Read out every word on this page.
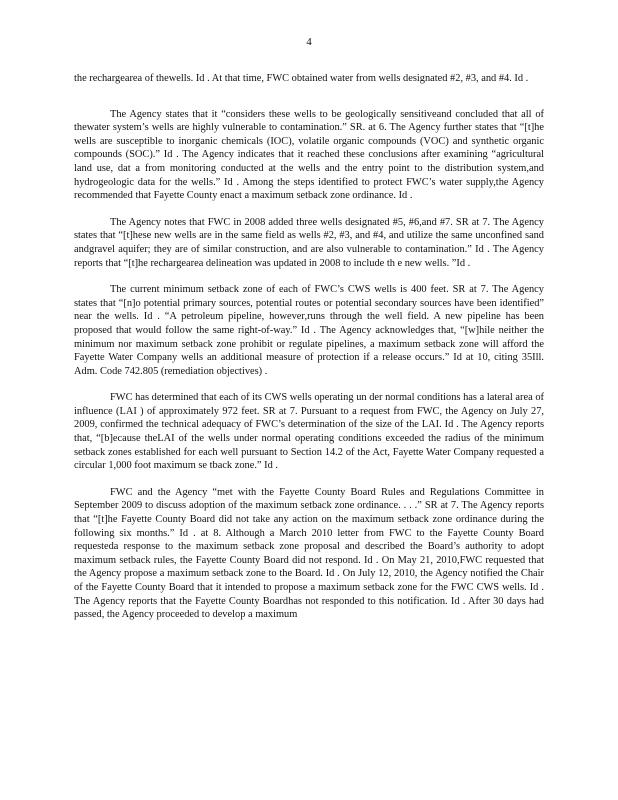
4

the rechargearea of thewells. Id . At that time, FWC obtained water from wells designated #2, #3, and #4. Id .

The Agency states that it “considers these wells to be geologically sensitiveand concluded that all of thewater system’s wells are highly vulnerable to contamination.” SR. at 6. The Agency further states that “[t]he wells are susceptible to inorganic chemicals (IOC), volatile organic compounds (VOC) and synthetic organic compounds (SOC).” Id . The Agency indicates that it reached these conclusions after examining “agricultural land use, dat a from monitoring conducted at the wells and the entry point to the distribution system,and hydrogeologic data for the wells.” Id . Among the steps identified to protect FWC’s water supply,the Agency recommended that Fayette County enact a maximum setback zone ordinance. Id .

The Agency notes that FWC in 2008 added three wells designated #5, #6,and #7. SR at 7. The Agency states that “[t]hese new wells are in the same field as wells #2, #3, and #4, and utilize the same unconfined sand andgravel aquifer; they are of similar construction, and are also vulnerable to contamination.” Id . The Agency reports that “[t]he rechargearea delineation was updated in 2008 to include th e new wells. ”Id .

The current minimum setback zone of each of FWC’s CWS wells is 400 feet. SR at 7. The Agency states that “[n]o potential primary sources, potential routes or potential secondary sources have been identified” near the wells. Id . “A petroleum pipeline, however,runs through the well field. A new pipeline has been proposed that would follow the same right-of-way.” Id . The Agency acknowledges that, “[w]hile neither the minimum nor maximum setback zone prohibit or regulate pipelines, a maximum setback zone will afford the Fayette Water Company wells an additional measure of protection if a release occurs.” Id at 10, citing 35Ill. Adm. Code 742.805 (remediation objectives) .

FWC has determined that each of its CWS wells operating un der normal conditions has a lateral area of influence (LAI ) of approximately 972 feet. SR at 7. Pursuant to a request from FWC, the Agency on July 27, 2009, confirmed the technical adequacy of FWC’s determination of the size of the LAI. Id . The Agency reports that, “[b]ecause theLAI of the wells under normal operating conditions exceeded the radius of the minimum setback zones established for each well pursuant to Section 14.2 of the Act, Fayette Water Company requested a circular 1,000 foot maximum se tback zone.” Id .

FWC and the Agency “met with the Fayette County Board Rules and Regulations Committee in September 2009 to discuss adoption of the maximum setback zone ordinance. . . .” SR at 7. The Agency reports that “[t]he Fayette County Board did not take any action on the maximum setback zone ordinance during the following six months.” Id . at 8. Although a March 2010 letter from FWC to the Fayette County Board requesteda response to the maximum setback zone proposal and described the Board’s authority to adopt maximum setback rules, the Fayette County Board did not respond. Id . On May 21, 2010,FWC requested that the Agency propose a maximum setback zone to the Board. Id . On July 12, 2010, the Agency notified the Chair of the Fayette County Board that it intended to propose a maximum setback zone for the FWC CWS wells. Id . The Agency reports that the Fayette County Boardhas not responded to this notification. Id . After 30 days had passed, the Agency proceeded to develop a maximum
